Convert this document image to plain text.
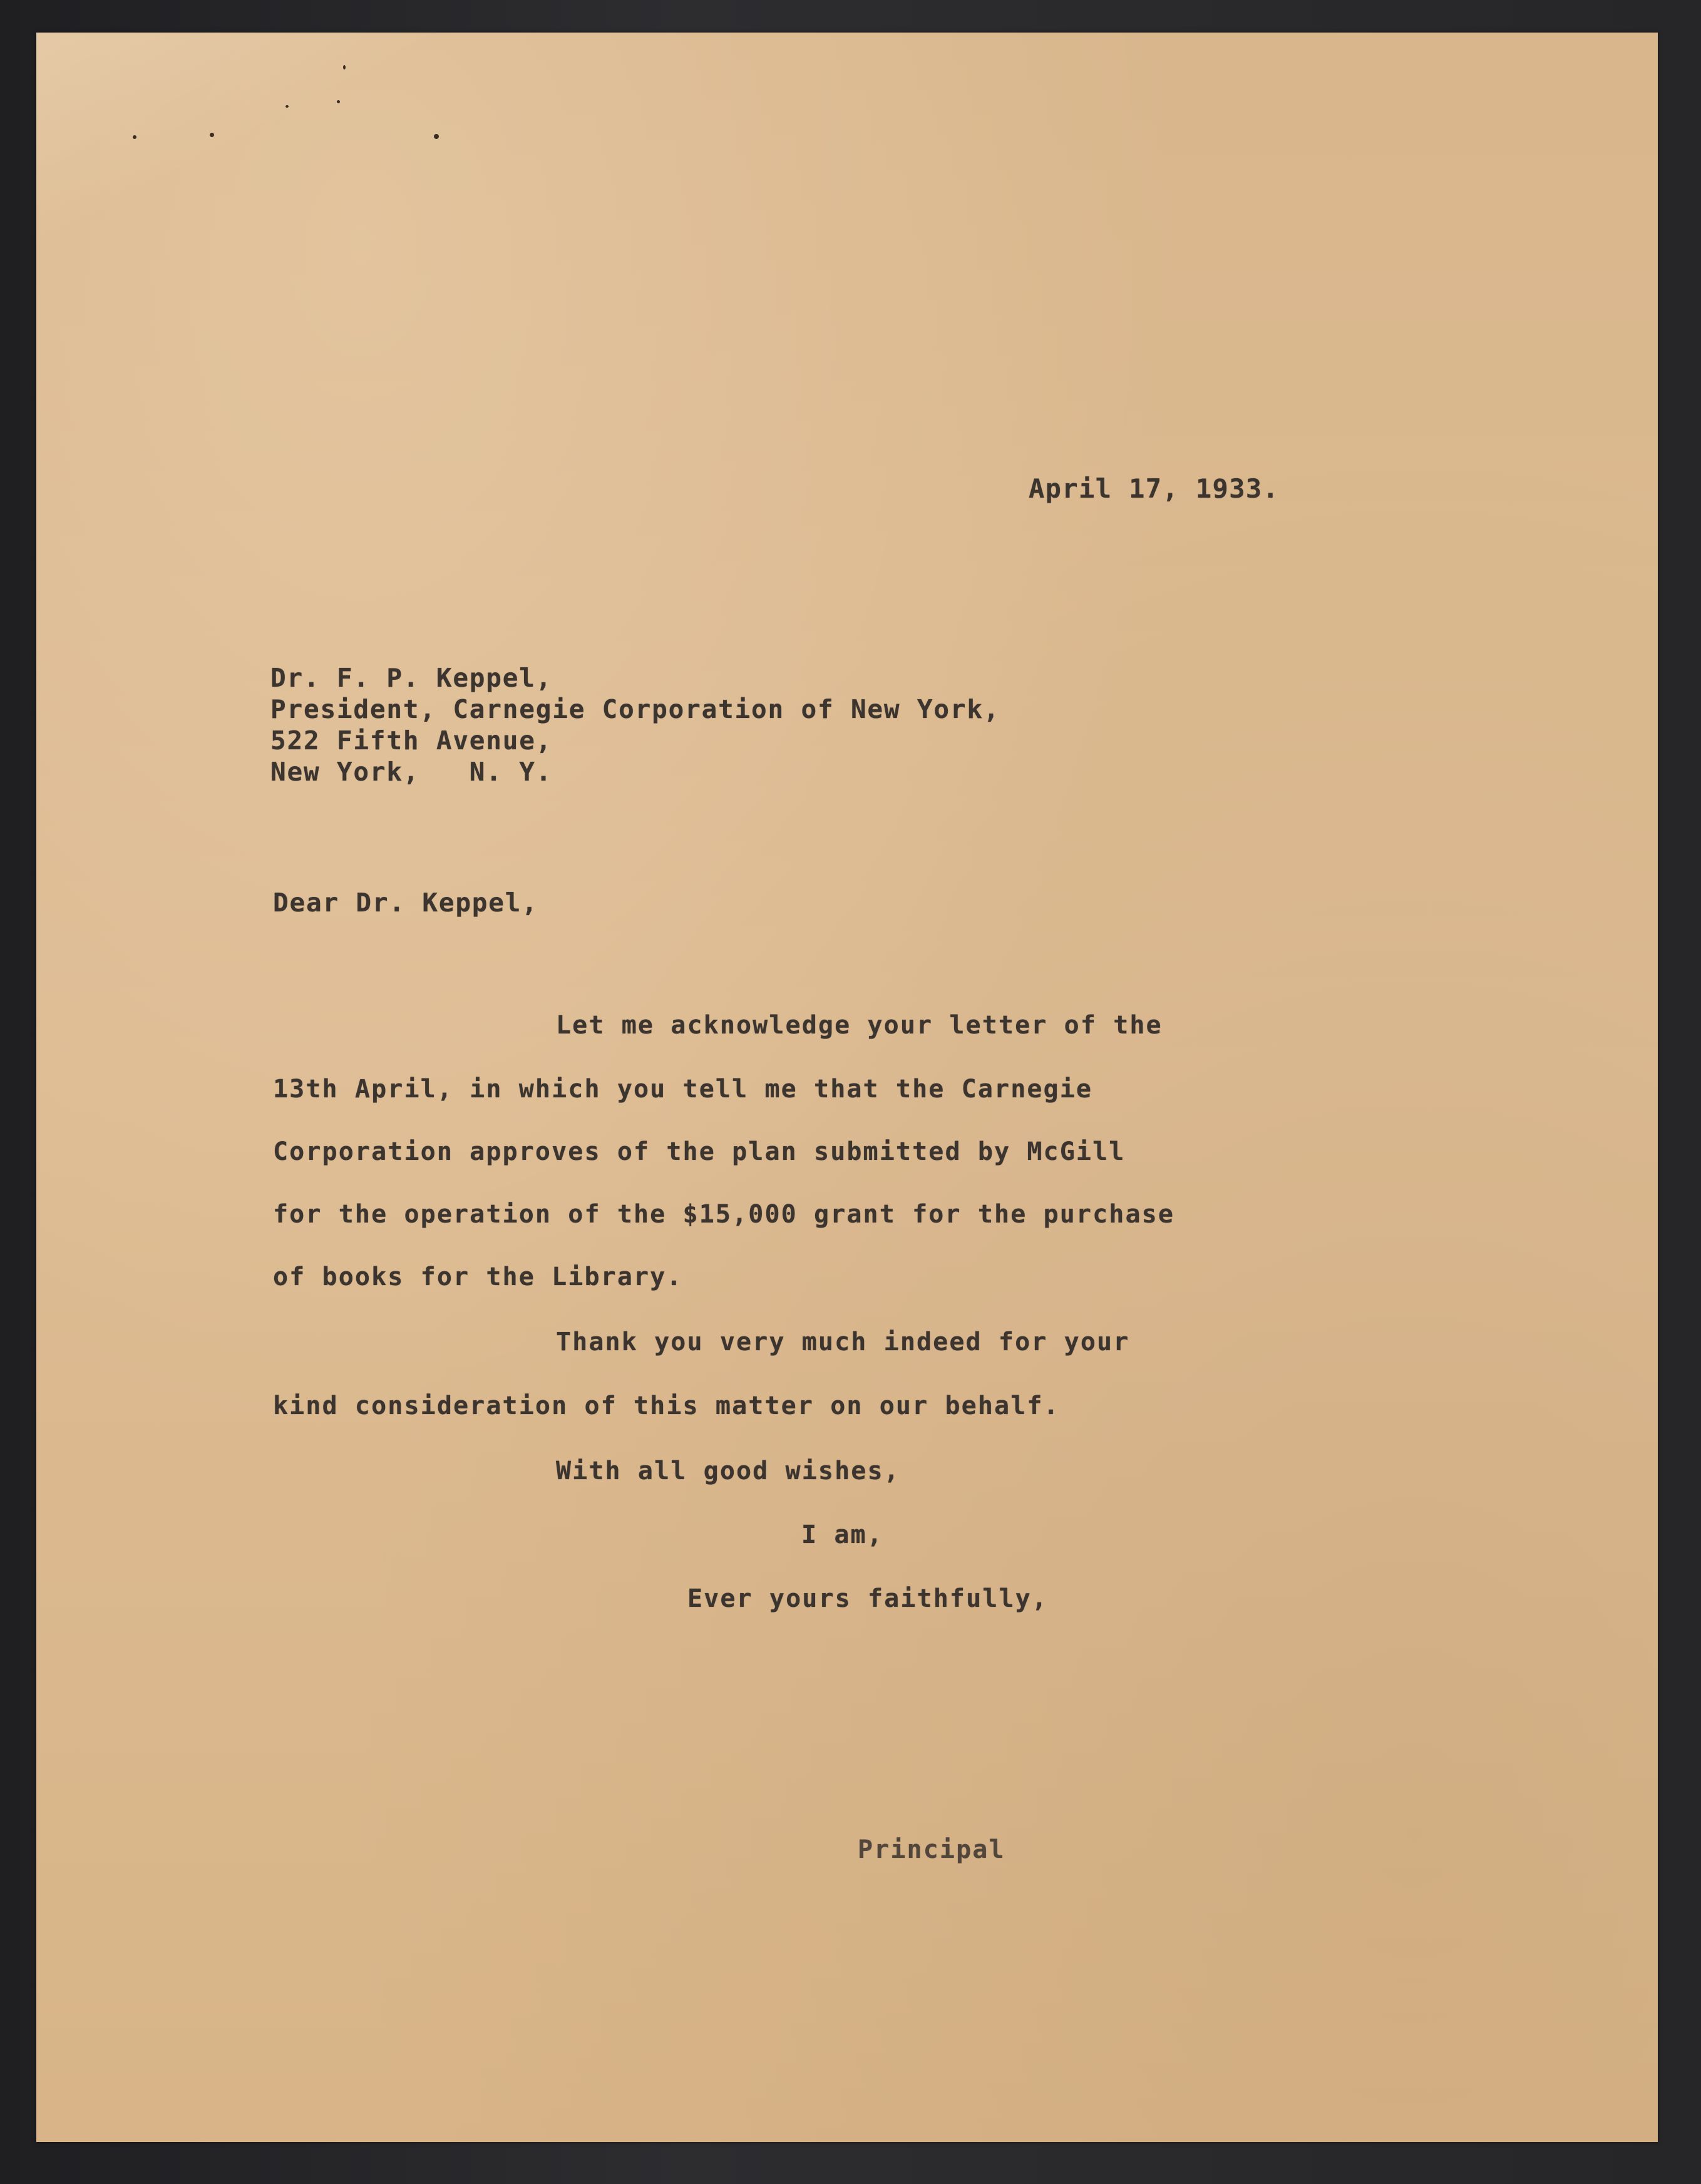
April 17, 1933.

Dr. F. P. Keppel,

President, Carnegie Corporation of New York,

522 Fifth Avenue,

New York,   N. Y.

Dear Dr. Keppel,

Let me acknowledge your letter of the

13th April, in which you tell me that the Carnegie

Corporation approves of the plan submitted by McGill

for the operation of the $15,000 grant for the purchase

of books for the Library.

Thank you very much indeed for your

kind consideration of this matter on our behalf.

With all good wishes,

I am,

Ever yours faithfully,

Principal
